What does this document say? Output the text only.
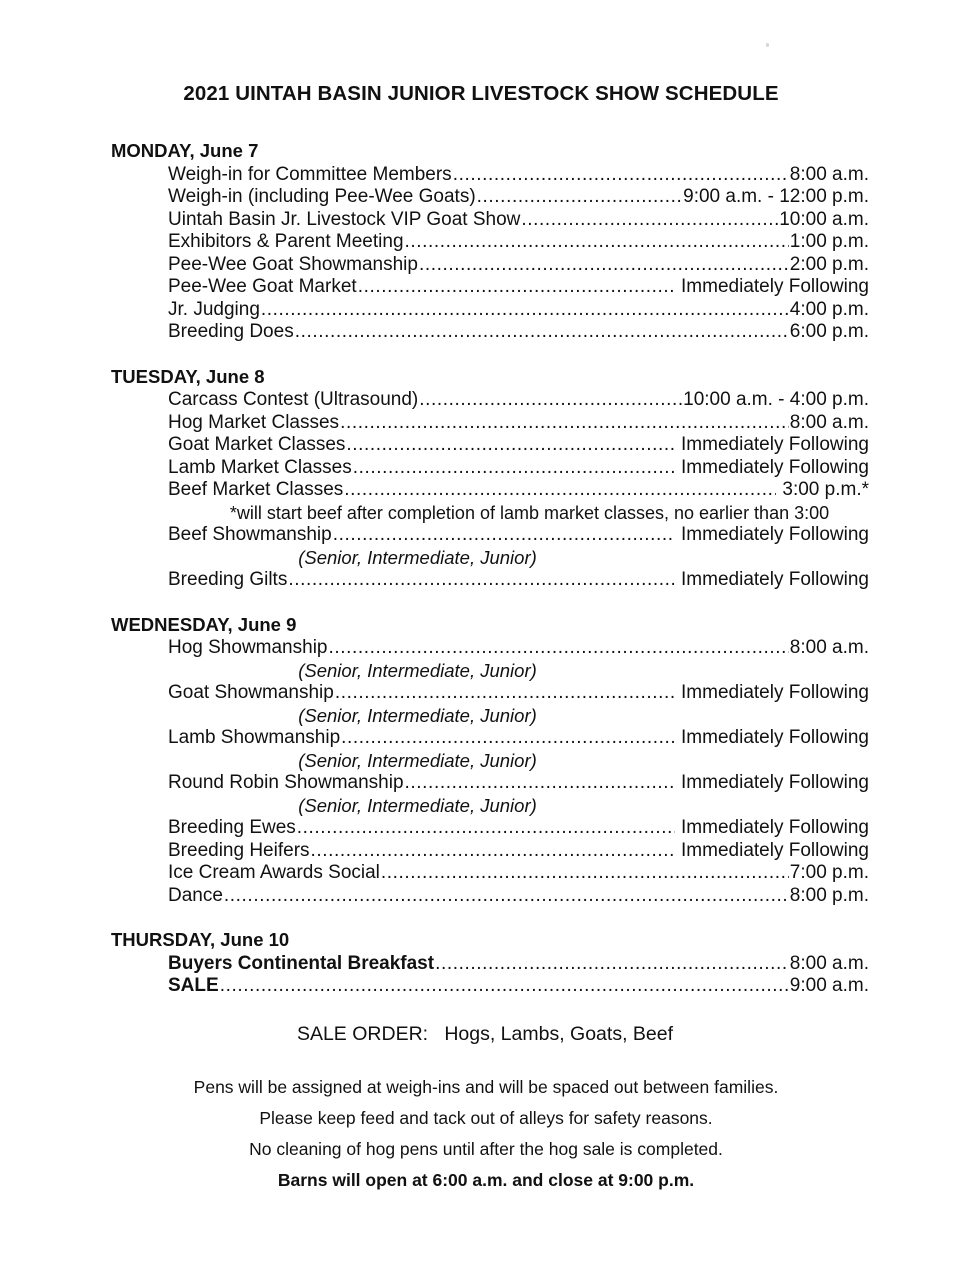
2021 UINTAH BASIN JUNIOR LIVESTOCK SHOW SCHEDULE
MONDAY, June 7
Weigh-in for Committee Members .....	8:00 a.m.
Weigh-in (including Pee-Wee Goats) .....	9:00 a.m. - 12:00 p.m.
Uintah Basin Jr. Livestock VIP Goat Show .....	10:00 a.m.
Exhibitors & Parent Meeting .....	1:00 p.m.
Pee-Wee Goat Showmanship .....	2:00 p.m.
Pee-Wee Goat Market .....	Immediately Following
Jr. Judging .....	4:00 p.m.
Breeding Does .....	6:00 p.m.
TUESDAY, June 8
Carcass Contest (Ultrasound) .....	10:00 a.m. - 4:00 p.m.
Hog Market Classes .....	8:00 a.m.
Goat Market Classes .....	Immediately Following
Lamb Market Classes .....	Immediately Following
Beef Market Classes .....	3:00 p.m.*
*will start beef after completion of lamb market classes, no earlier than 3:00
Beef Showmanship .....	Immediately Following
(Senior, Intermediate, Junior)
Breeding Gilts .....	Immediately Following
WEDNESDAY, June 9
Hog Showmanship .....	8:00 a.m.
(Senior, Intermediate, Junior)
Goat Showmanship .....	Immediately Following
(Senior, Intermediate, Junior)
Lamb Showmanship .....	Immediately Following
(Senior, Intermediate, Junior)
Round Robin Showmanship .....	Immediately Following
(Senior, Intermediate, Junior)
Breeding Ewes .....	Immediately Following
Breeding Heifers .....	Immediately Following
Ice Cream Awards Social .....	7:00 p.m.
Dance .....	8:00 p.m.
THURSDAY, June 10
Buyers Continental Breakfast .....	8:00 a.m.
SALE .....	9:00 a.m.
SALE ORDER:   Hogs, Lambs, Goats, Beef
Pens will be assigned at weigh-ins and will be spaced out between families.
Please keep feed and tack out of alleys for safety reasons.
No cleaning of hog pens until after the hog sale is completed.
Barns will open at 6:00 a.m. and close at 9:00 p.m.
